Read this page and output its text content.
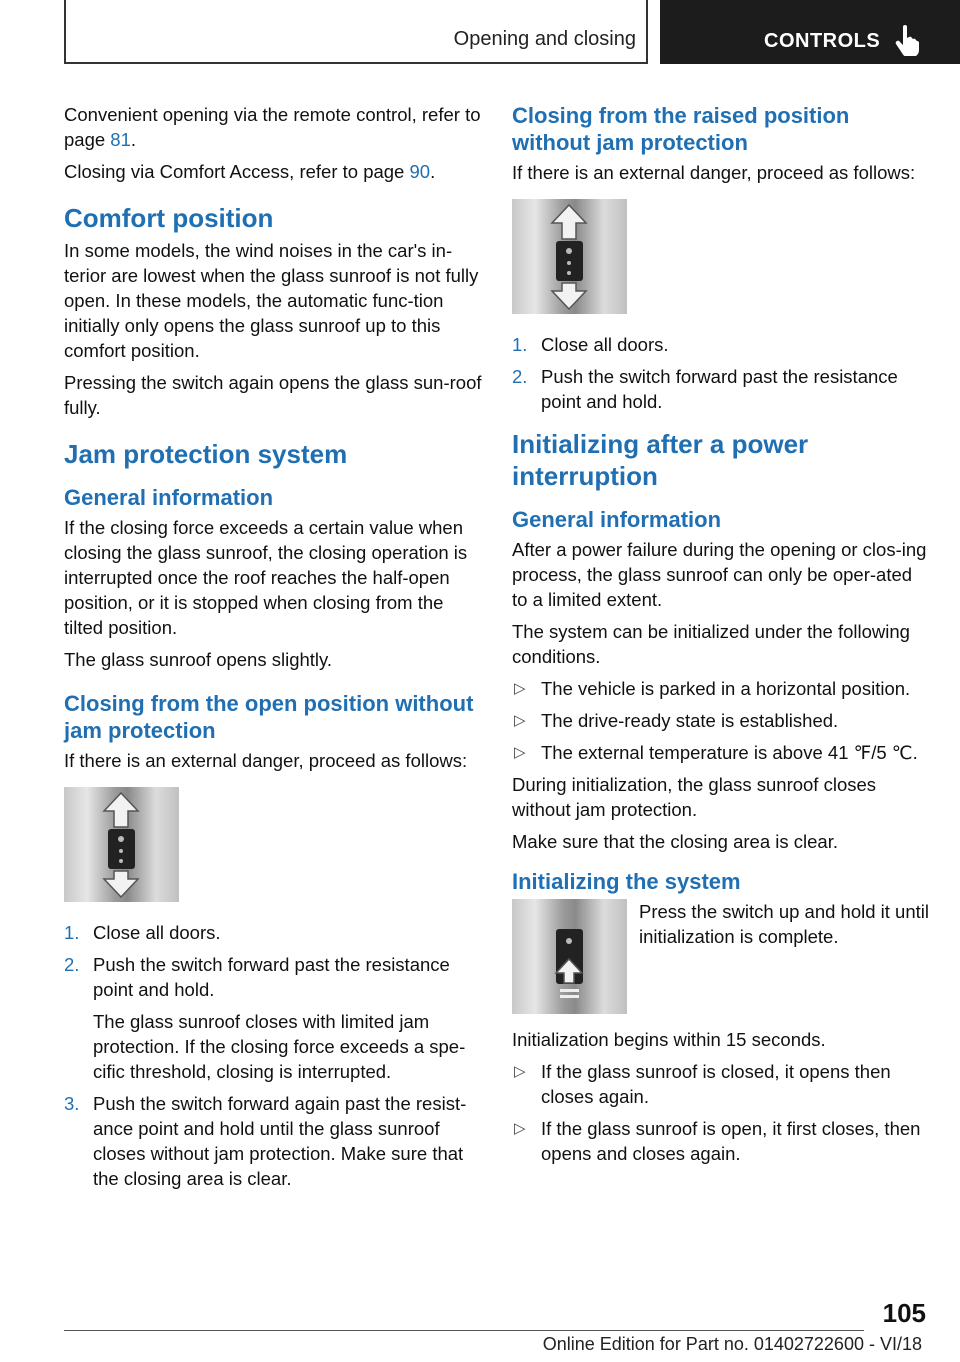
Opening and closing	CONTROLS

Convenient opening via the remote control, refer to page 81.

Closing via Comfort Access, refer to page 90.

Comfort position

In some models, the wind noises in the car's in-terior are lowest when the glass sunroof is not fully open. In these models, the automatic func-tion initially only opens the glass sunroof up to this comfort position.

Pressing the switch again opens the glass sun-roof fully.

Jam protection system
General information

If the closing force exceeds a certain value when closing the glass sunroof, the closing operation is interrupted once the roof reaches the half-open position, or it is stopped when closing from the tilted position.

The glass sunroof opens slightly.

Closing from the open position without jam protection

If there is an external danger, proceed as follows:

1. Close all doors.
2. Push the switch forward past the resistance point and hold.

The glass sunroof closes with limited jam protection. If the closing force exceeds a spe-cific threshold, closing is interrupted.

3. Push the switch forward again past the resist-ance point and hold until the glass sunroof closes without jam protection. Make sure that the closing area is clear.
Closing from the raised position without jam protection

If there is an external danger, proceed as follows:

1. Close all doors.
2. Push the switch forward past the resistance point and hold.
Initializing after a power interruption
General information

After a power failure during the opening or clos-ing process, the glass sunroof can only be oper-ated to a limited extent.

The system can be initialized under the following conditions.

▷ The vehicle is parked in a horizontal position.
▷ The drive-ready state is established.
▷ The external temperature is above 41 ℉/5 ℃.

During initialization, the glass sunroof closes without jam protection.

Make sure that the closing area is clear.

Initializing the system
Press the switch up and hold it until initialization is complete.

Initialization begins within 15 seconds.

▷ If the glass sunroof is closed, it opens then closes again.
▷ If the glass sunroof is open, it first closes, then opens and closes again.
105
Online Edition for Part no. 01402722600 - VI/18
